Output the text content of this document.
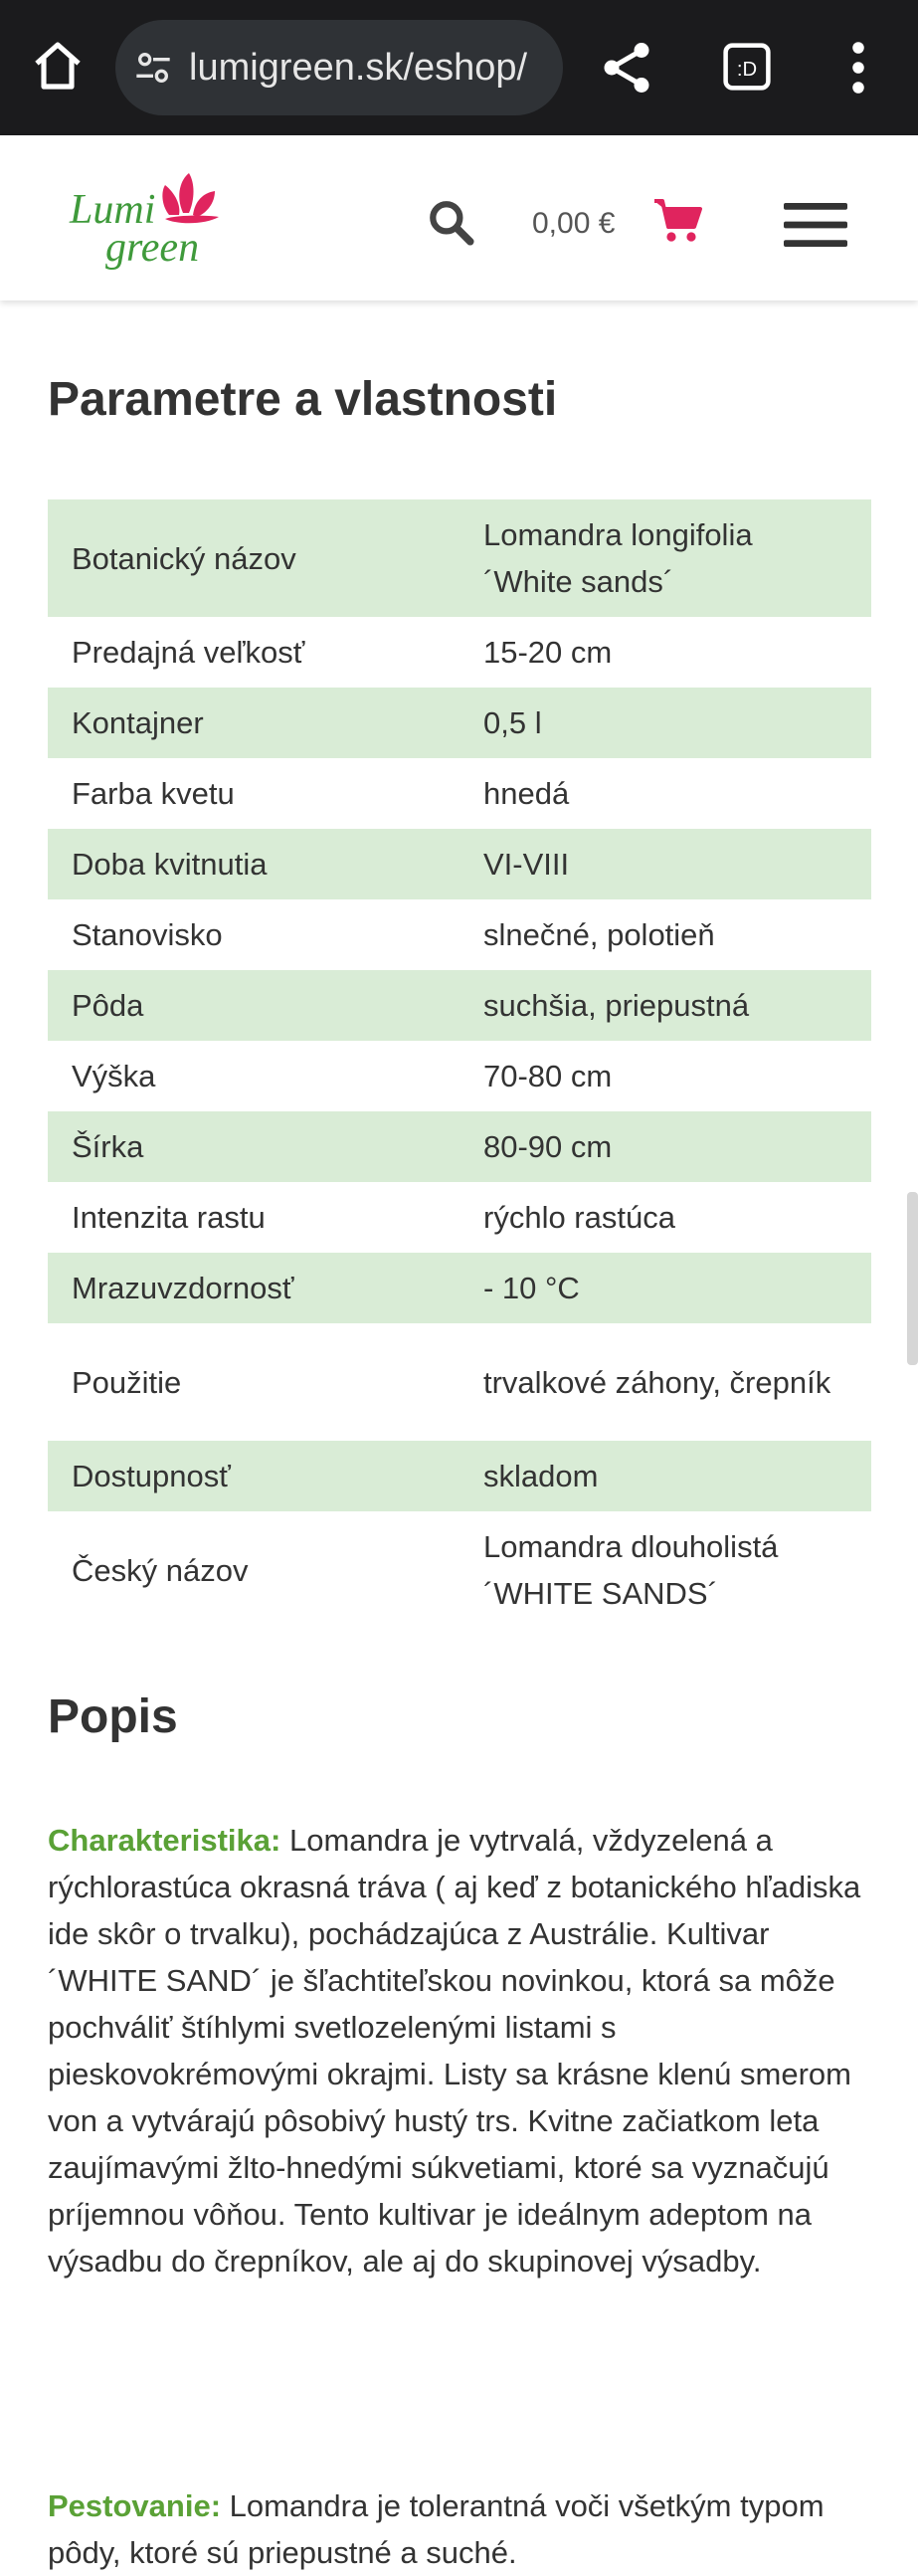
lumigreen.sk/eshop/	:D
Lumi
green
0,00 €
Parametre a vlastnosti
Botanický názov	Lomandra longifolia ´White sands´
Predajná veľkosť	15-20 cm
Kontajner	0,5 l
Farba kvetu	hnedá
Doba kvitnutia	VI-VIII
Stanovisko	slnečné, polotieň
Pôda	suchšia, priepustná
Výška	70-80 cm
Šírka	80-90 cm
Intenzita rastu	rýchlo rastúca
Mrazuvzdornosť	- 10 °C
Použitie	trvalkové záhony, črepník
Dostupnosť	skladom
Český názov	Lomandra dlouholistá ´WHITE SANDS´
Popis

Charakteristika: Lomandra je vytrvalá, vždyzelená a rýchlorastúca okrasná tráva ( aj keď z botanického hľadiska ide skôr o trvalku), pochádzajúca z Austrálie. Kultivar ´WHITE SAND´ je šľachtiteľskou novinkou, ktorá sa môže pochváliť štíhlymi svetlozelenými listami s pieskovokrémovými okrajmi. Listy sa krásne klenú smerom von a vytvárajú pôsobivý hustý trs. Kvitne začiatkom leta zaujímavými žlto-hnedými súkvetiami, ktoré sa vyznačujú príjemnou vôňou. Tento kultivar je ideálnym adeptom na výsadbu do črepníkov, ale aj do skupinovej výsadby.

Pestovanie: Lomandra je tolerantná voči všetkým typom pôdy, ktoré sú priepustné a suché.
